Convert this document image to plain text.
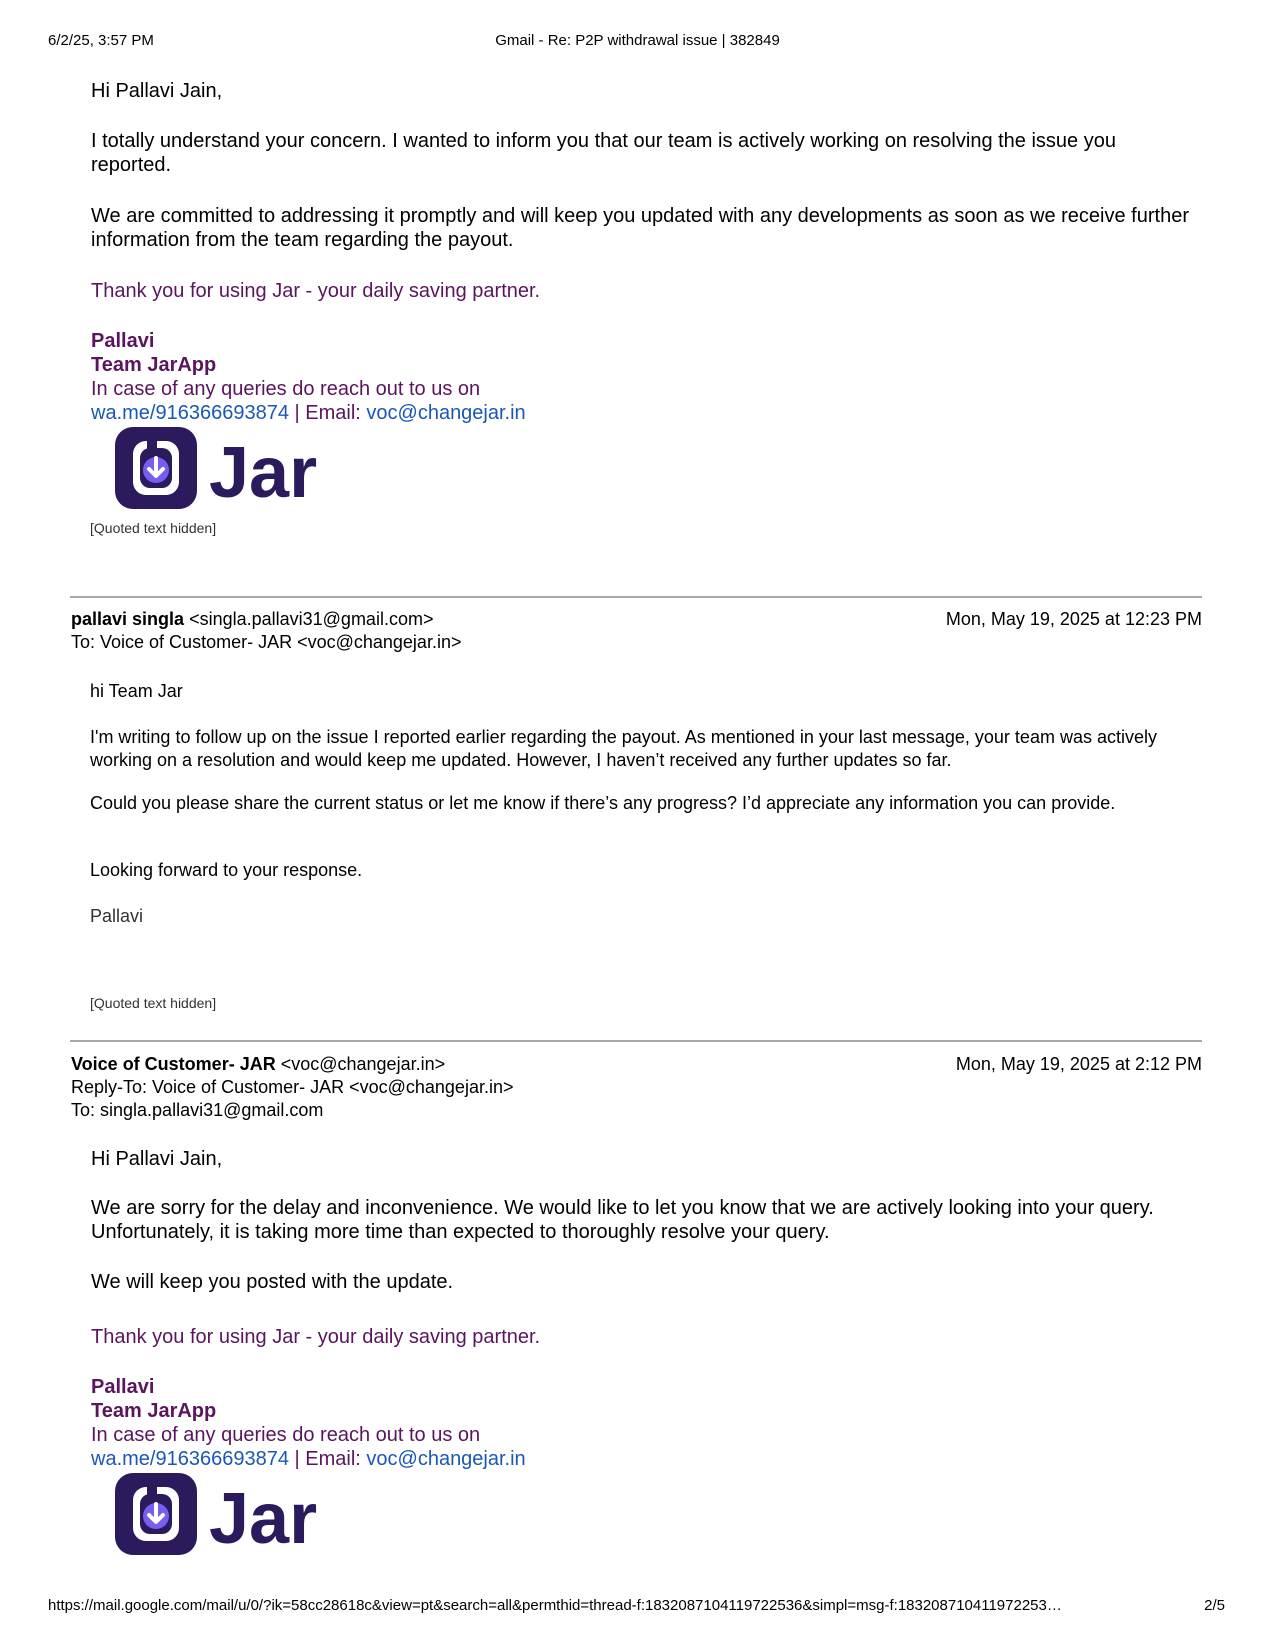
6/2/25, 3:57 PM	Gmail - Re: P2P withdrawal issue | 382849
Hi Pallavi Jain,
I totally understand your concern. I wanted to inform you that our team is actively working on resolving the issue you reported.
We are committed to addressing it promptly and will keep you updated with any developments as soon as we receive further information from the team regarding the payout.
Thank you for using Jar - your daily saving partner.
Pallavi
Team JarApp
In case of any queries do reach out to us on
wa.me/916366693874 | Email: voc@changejar.in
Jar
[Quoted text hidden]
pallavi singla <singla.pallavi31@gmail.com>	Mon, May 19, 2025 at 12:23 PM
To: Voice of Customer- JAR <voc@changejar.in>
hi Team Jar
I'm writing to follow up on the issue I reported earlier regarding the payout. As mentioned in your last message, your team was actively working on a resolution and would keep me updated. However, I haven’t received any further updates so far.
Could you please share the current status or let me know if there’s any progress? I’d appreciate any information you can provide.
Looking forward to your response.
Pallavi
[Quoted text hidden]
Voice of Customer- JAR <voc@changejar.in>	Mon, May 19, 2025 at 2:12 PM
Reply-To: Voice of Customer- JAR <voc@changejar.in>
To: singla.pallavi31@gmail.com
Hi Pallavi Jain,
We are sorry for the delay and inconvenience. We would like to let you know that we are actively looking into your query. Unfortunately, it is taking more time than expected to thoroughly resolve your query.
We will keep you posted with the update.
Thank you for using Jar - your daily saving partner.
Pallavi
Team JarApp
In case of any queries do reach out to us on
wa.me/916366693874 | Email: voc@changejar.in
Jar
https://mail.google.com/mail/u/0/?ik=58cc28618c&view=pt&search=all&permthid=thread-f:1832087104119722536&simpl=msg-f:183208710411972253…	2/5
